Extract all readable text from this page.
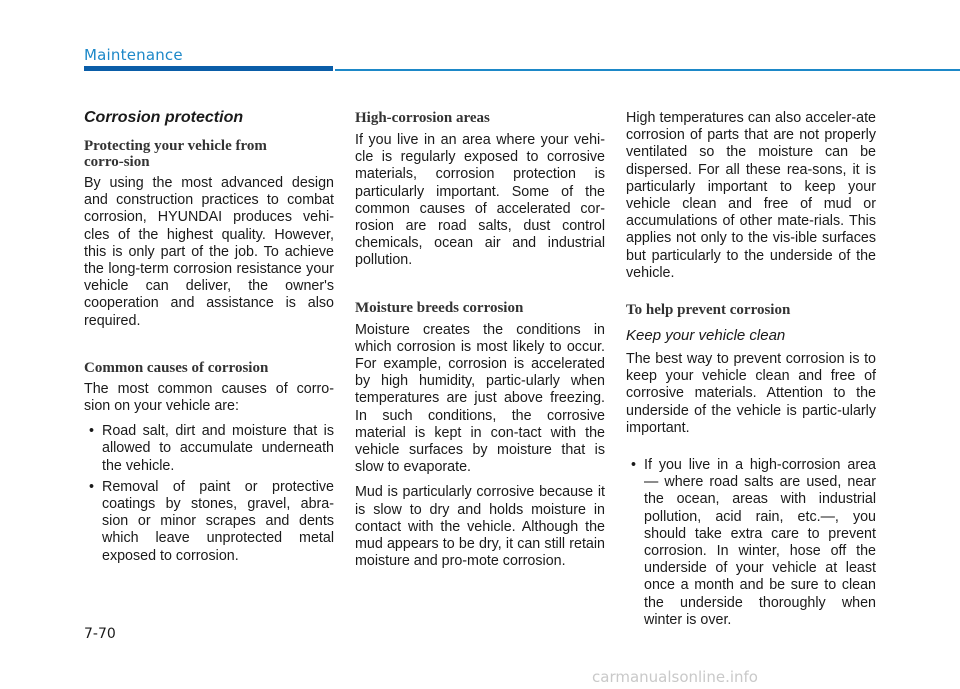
Maintenance
Corrosion protection
Protecting your vehicle from corro-sion

By using the most advanced design and construction practices to combat corrosion, HYUNDAI produces vehi-cles of the highest quality. However, this is only part of the job. To achieve the long-term corrosion resistance your vehicle can deliver, the owner's cooperation and assistance is also required.

Common causes of corrosion

The most common causes of corro-sion on your vehicle are:

• Road salt, dirt and moisture that is allowed to accumulate underneath the vehicle.
• Removal of paint or protective coatings by stones, gravel, abra-sion or minor scrapes and dents which leave unprotected metal exposed to corrosion.
High-corrosion areas

If you live in an area where your vehi-cle is regularly exposed to corrosive materials, corrosion protection is particularly important. Some of the common causes of accelerated cor-rosion are road salts, dust control chemicals, ocean air and industrial pollution.

Moisture breeds corrosion

Moisture creates the conditions in which corrosion is most likely to occur. For example, corrosion is accelerated by high humidity, partic-ularly when temperatures are just above freezing. In such conditions, the corrosive material is kept in con-tact with the vehicle surfaces by moisture that is slow to evaporate.

Mud is particularly corrosive because it is slow to dry and holds moisture in contact with the vehicle. Although the mud appears to be dry, it can still retain moisture and pro-mote corrosion.

High temperatures can also acceler-ate corrosion of parts that are not properly ventilated so the moisture can be dispersed. For all these rea-sons, it is particularly important to keep your vehicle clean and free of mud or accumulations of other mate-rials. This applies not only to the vis-ible surfaces but particularly to the underside of the vehicle.

To help prevent corrosion
Keep your vehicle clean

The best way to prevent corrosion is to keep your vehicle clean and free of corrosive materials. Attention to the underside of the vehicle is partic-ularly important.

• If you live in a high-corrosion area — where road salts are used, near the ocean, areas with industrial pollution, acid rain, etc.—, you should take extra care to prevent corrosion. In winter, hose off the underside of your vehicle at least once a month and be sure to clean the underside thoroughly when winter is over.
7-70
carmanualsonline.info
